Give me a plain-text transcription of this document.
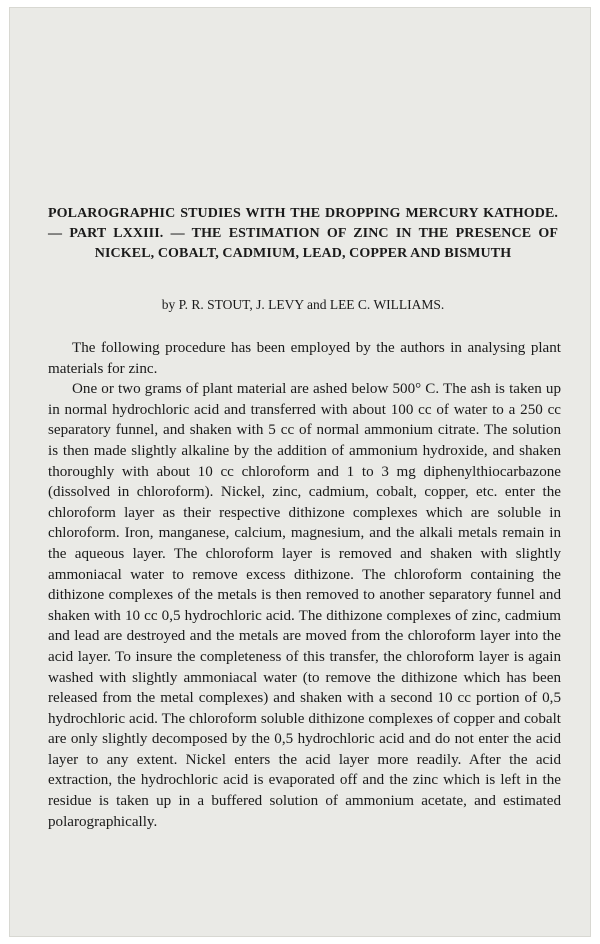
POLAROGRAPHIC STUDIES WITH THE DROPPING MERCURY KATHODE. — PART LXXIII. — THE ESTIMATION OF ZINC IN THE PRESENCE OF NICKEL, COBALT, CADMIUM, LEAD, COPPER AND BISMUTH
by P. R. STOUT, J. LEVY and LEE C. WILLIAMS.

The following procedure has been employed by the authors in analysing plant materials for zinc.

One or two grams of plant material are ashed below 500° C. The ash is taken up in normal hydrochloric acid and transferred with about 100 cc of water to a 250 cc separatory funnel, and shaken with 5 cc of normal ammonium citrate. The solution is then made slightly alkaline by the addition of ammonium hydroxide, and shaken thoroughly with about 10 cc chloroform and 1 to 3 mg diphenylthiocarbazone (dissolved in chloroform). Nickel, zinc, cadmium, cobalt, copper, etc. enter the chloroform layer as their respective dithizone complexes which are soluble in chloroform. Iron, manganese, calcium, magnesium, and the alkali metals remain in the aqueous layer. The chloroform layer is removed and shaken with slightly ammoniacal water to remove excess dithizone. The chloroform containing the dithizone complexes of the metals is then removed to another separatory funnel and shaken with 10 cc 0,5 hydrochloric acid. The dithizone complexes of zinc, cadmium and lead are destroyed and the metals are moved from the chloroform layer into the acid layer. To insure the completeness of this transfer, the chloroform layer is again washed with slightly ammoniacal water (to remove the dithizone which has been released from the metal complexes) and shaken with a second 10 cc portion of 0,5 hydrochloric acid. The chloroform soluble dithizone complexes of copper and cobalt are only slightly decomposed by the 0,5 hydrochloric acid and do not enter the acid layer to any extent. Nickel enters the acid layer more readily. After the acid extraction, the hydrochloric acid is evaporated off and the zinc which is left in the residue is taken up in a buffered solution of ammonium acetate, and estimated polarographically.
